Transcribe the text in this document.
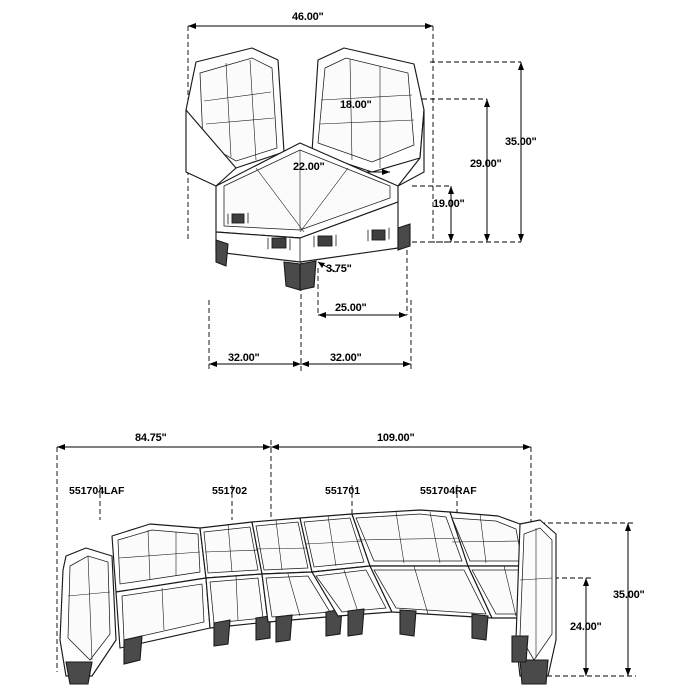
46.00"
18.00"
35.00"
29.00"
22.00"
19.00"
3.75"
25.00"
32.00"	32.00"
84.75"	109.00"
35.00"
24.00"
551704LAF	551702	551701	551704RAF
